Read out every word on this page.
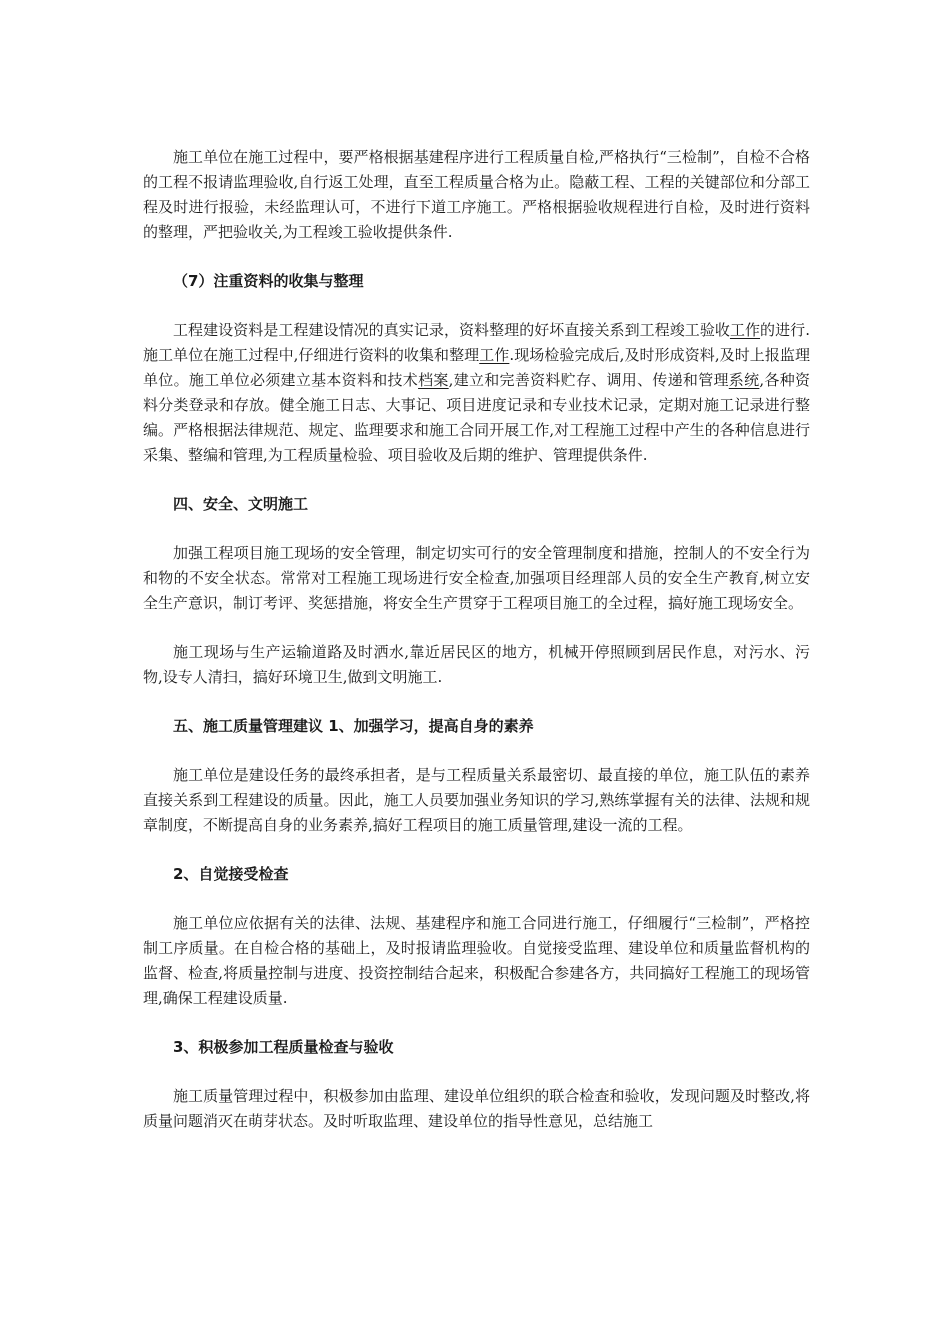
施工单位在施工过程中，要严格根据基建程序进行工程质量自检,严格执行“三检制”，自检不合格的工程不报请监理验收,自行返工处理，直至工程质量合格为止。隐蔽工程、工程的关键部位和分部工程及时进行报验，未经监理认可，不进行下道工序施工。严格根据验收规程进行自检，及时进行资料的整理，严把验收关,为工程竣工验收提供条件.

（7）注重资料的收集与整理

工程建设资料是工程建设情况的真实记录，资料整理的好坏直接关系到工程竣工验收工作的进行.施工单位在施工过程中,仔细进行资料的收集和整理工作.现场检验完成后,及时形成资料,及时上报监理单位。施工单位必须建立基本资料和技术档案,建立和完善资料贮存、调用、传递和管理系统,各种资料分类登录和存放。健全施工日志、大事记、项目进度记录和专业技术记录，定期对施工记录进行整编。严格根据法律规范、规定、监理要求和施工合同开展工作,对工程施工过程中产生的各种信息进行采集、整编和管理,为工程质量检验、项目验收及后期的维护、管理提供条件.

四、安全、文明施工

加强工程项目施工现场的安全管理，制定切实可行的安全管理制度和措施，控制人的不安全行为和物的不安全状态。常常对工程施工现场进行安全检查,加强项目经理部人员的安全生产教育,树立安全生产意识，制订考评、奖惩措施，将安全生产贯穿于工程项目施工的全过程，搞好施工现场安全。

施工现场与生产运输道路及时洒水,靠近居民区的地方，机械开停照顾到居民作息，对污水、污物,设专人清扫，搞好环境卫生,做到文明施工.

五、施工质量管理建议 1、加强学习，提高自身的素养

施工单位是建设任务的最终承担者，是与工程质量关系最密切、最直接的单位，施工队伍的素养直接关系到工程建设的质量。因此，施工人员要加强业务知识的学习,熟练掌握有关的法律、法规和规章制度，不断提高自身的业务素养,搞好工程项目的施工质量管理,建设一流的工程。

2、自觉接受检查

施工单位应依据有关的法律、法规、基建程序和施工合同进行施工，仔细履行“三检制”，严格控制工序质量。在自检合格的基础上，及时报请监理验收。自觉接受监理、建设单位和质量监督机构的监督、检查,将质量控制与进度、投资控制结合起来，积极配合参建各方，共同搞好工程施工的现场管理,确保工程建设质量.

3、积极参加工程质量检查与验收

施工质量管理过程中，积极参加由监理、建设单位组织的联合检查和验收，发现问题及时整改,将质量问题消灭在萌芽状态。及时听取监理、建设单位的指导性意见，总结施工
